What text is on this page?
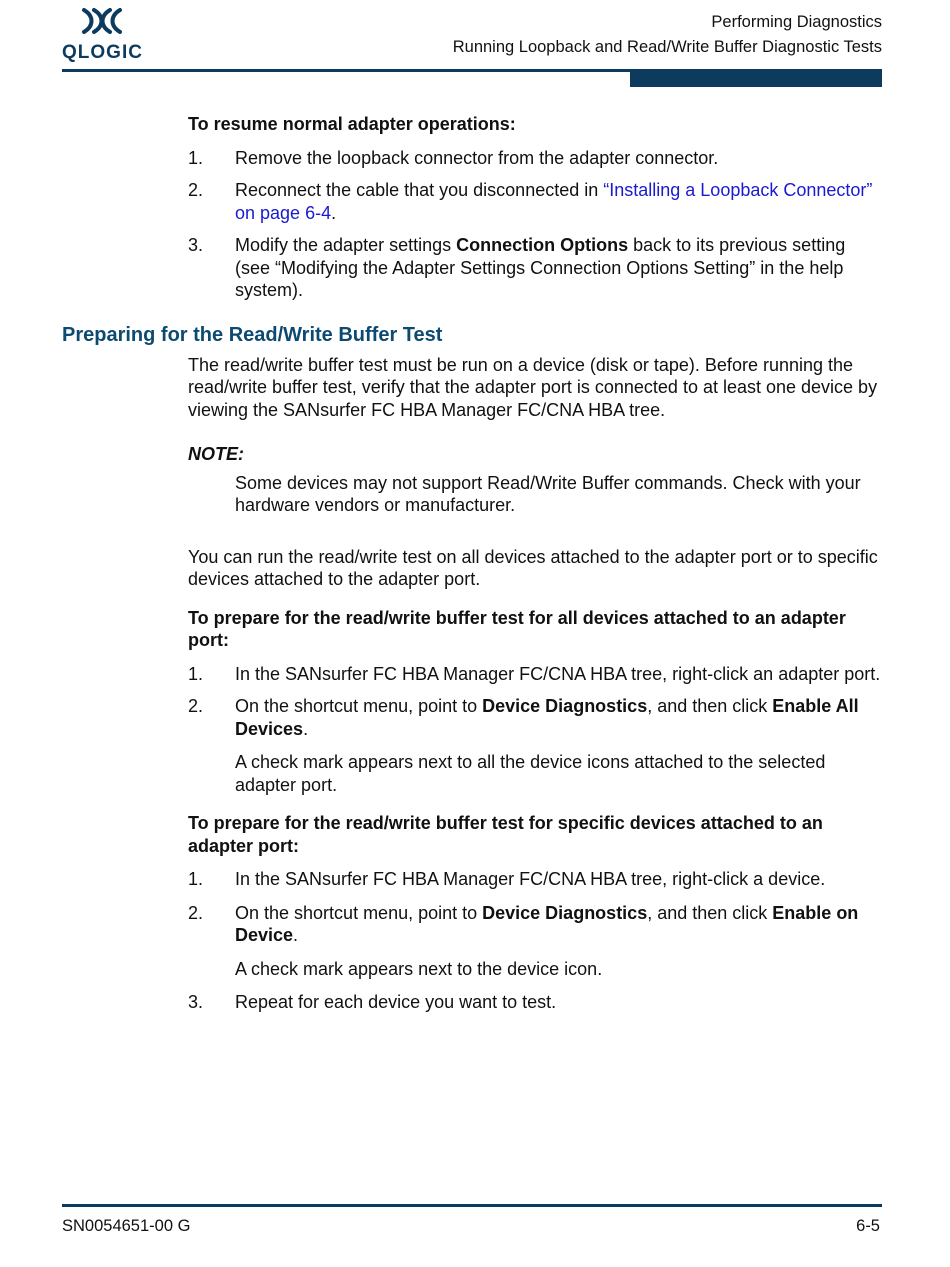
QLOGIC
Performing Diagnostics
Running Loopback and Read/Write Buffer Diagnostic Tests
Preparing for the Read/Write Buffer Test

To resume normal adapter operations:

1. Remove the loopback connector from the adapter connector.
2. Reconnect the cable that you disconnected in “Installing a Loopback Connector” on page 6-4.
3. Modify the adapter settings Connection Options back to its previous setting (see “Modifying the Adapter Settings Connection Options Setting” in the help system).

The read/write buffer test must be run on a device (disk or tape). Before running the read/write buffer test, verify that the adapter port is connected to at least one device by viewing the SANsurfer FC HBA Manager FC/CNA HBA tree.

NOTE:

Some devices may not support Read/Write Buffer commands. Check with your hardware vendors or manufacturer.

You can run the read/write test on all devices attached to the adapter port or to specific devices attached to the adapter port.

To prepare for the read/write buffer test for all devices attached to an adapter port:

1. In the SANsurfer FC HBA Manager FC/CNA HBA tree, right-click an adapter port.
2. On the shortcut menu, point to Device Diagnostics, and then click Enable All Devices.

A check mark appears next to all the device icons attached to the selected adapter port.

To prepare for the read/write buffer test for specific devices attached to an adapter port:

1. In the SANsurfer FC HBA Manager FC/CNA HBA tree, right-click a device.
2. On the shortcut menu, point to Device Diagnostics, and then click Enable on Device.

A check mark appears next to the device icon.

3. Repeat for each device you want to test.
SN0054651-00 G	6-5
